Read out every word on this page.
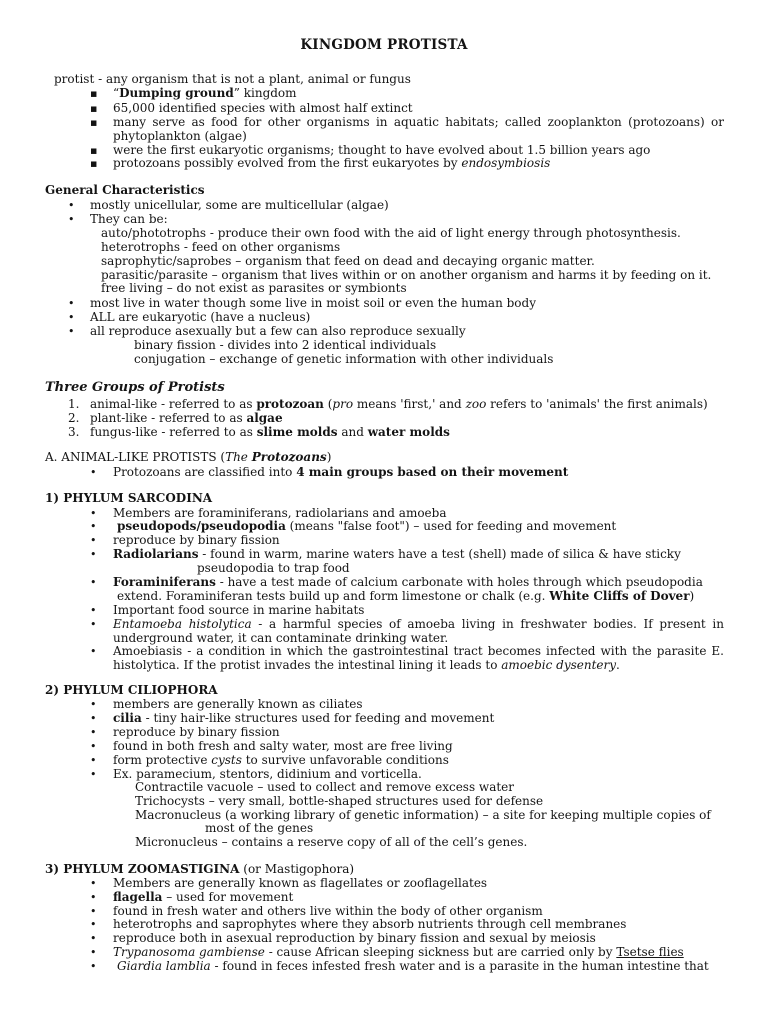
KINGDOM PROTISTA
protist - any organism that is not a plant, animal or fungus
▪ “Dumping ground” kingdom
▪ 65,000 identified species with almost half extinct
▪ many serve as food for other organisms in aquatic habitats; called zooplankton (protozoans) or phytoplankton (algae)
▪ were the first eukaryotic organisms; thought to have evolved about 1.5 billion years ago
▪ protozoans possibly evolved from the first eukaryotes by endosymbiosis
General Characteristics
• mostly unicellular, some are multicellular (algae)
• They can be:
auto/phototrophs - produce their own food with the aid of light energy through photosynthesis.
heterotrophs - feed on other organisms
saprophytic/saprobes – organism that feed on dead and decaying organic matter.
parasitic/parasite – organism that lives within or on another organism and harms it by feeding on it.
free living – do not exist as parasites or symbionts
• most live in water though some live in moist soil or even the human body
• ALL are eukaryotic (have a nucleus)
• all reproduce asexually but a few can also reproduce sexually
binary fission - divides into 2 identical individuals
conjugation – exchange of genetic information with other individuals
Three Groups of Protists
1. animal-like - referred to as protozoan (pro means 'first,' and zoo refers to 'animals' the first animals)
2. plant-like - referred to as algae
3. fungus-like - referred to as slime molds and water molds
A. ANIMAL-LIKE PROTISTS (The Protozoans)
• Protozoans are classified into 4 main groups based on their movement
1) PHYLUM SARCODINA
• Members are foraminiferans, radiolarians and amoeba
• pseudopods/pseudopodia (means "false foot") – used for feeding and movement
• reproduce by binary fission
• Radiolarians - found in warm, marine waters have a test (shell) made of silica & have sticky
pseudopodia to trap food
• Foraminiferans - have a test made of calcium carbonate with holes through which pseudopodia
extend. Foraminiferan tests build up and form limestone or chalk (e.g. White Cliffs of Dover)
• Important food source in marine habitats
• Entamoeba histolytica - a harmful species of amoeba living in freshwater bodies. If present in underground water, it can contaminate drinking water.
• Amoebiasis - a condition in which the gastrointestinal tract becomes infected with the parasite E. histolytica. If the protist invades the intestinal lining it leads to amoebic dysentery.
2) PHYLUM CILIOPHORA
• members are generally known as ciliates
• cilia - tiny hair-like structures used for feeding and movement
• reproduce by binary fission
• found in both fresh and salty water, most are free living
• form protective cysts to survive unfavorable conditions
• Ex. paramecium, stentors, didinium and vorticella.
Contractile vacuole – used to collect and remove excess water
Trichocysts – very small, bottle-shaped structures used for defense
Macronucleus (a working library of genetic information) – a site for keeping multiple copies of
most of the genes
Micronucleus – contains a reserve copy of all of the cell’s genes.
3) PHYLUM ZOOMASTIGINA (or Mastigophora)
• Members are generally known as flagellates or zooflagellates
• flagella – used for movement
• found in fresh water and others live within the body of other organism
• heterotrophs and saprophytes where they absorb nutrients through cell membranes
• reproduce both in asexual reproduction by binary fission and sexual by meiosis
• Trypanosoma gambiense - cause African sleeping sickness but are carried only by Tsetse flies
• Giardia lamblia - found in feces infested fresh water and is a parasite in the human intestine that
